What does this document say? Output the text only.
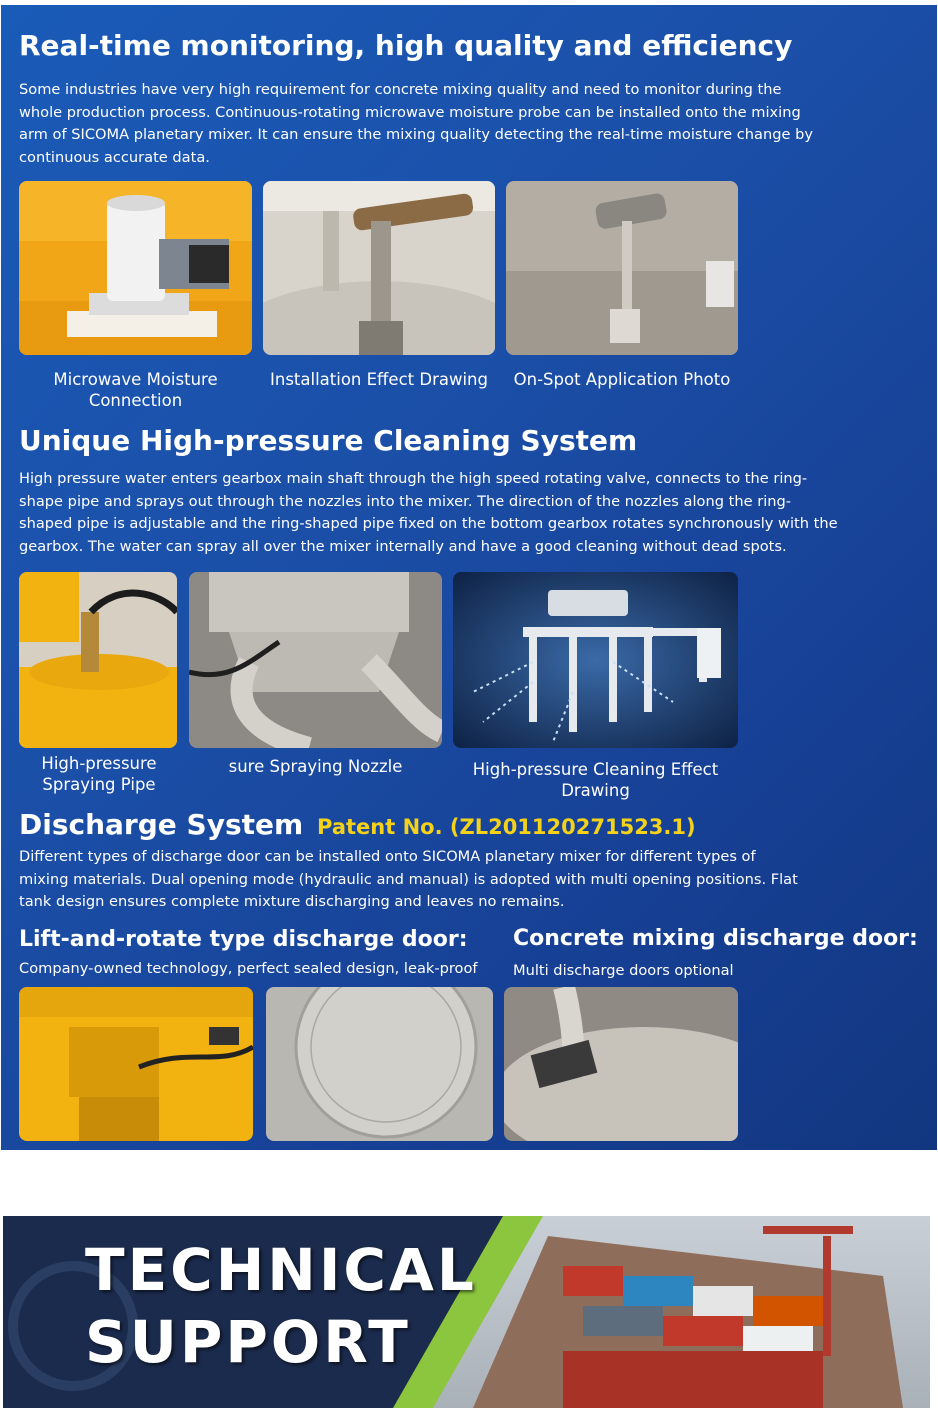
Real-time monitoring, high quality and efficiency
Some industries have very high requirement for concrete mixing quality and need to monitor during the whole production process. Continuous-rotating microwave moisture probe can be installed onto the mixing arm of SICOMA planetary mixer. It can ensure the mixing quality detecting the real-time moisture change by continuous accurate data.
Microwave Moisture Connection
Installation Effect Drawing	On-Spot Application Photo
Unique High-pressure Cleaning System
High pressure water enters gearbox main shaft through the high speed rotating valve, connects to the ring-shape pipe and sprays out through the nozzles into the mixer. The direction of the nozzles along the ring-shaped pipe is adjustable and the ring-shaped pipe fixed on the bottom gearbox rotates synchronously with the gearbox. The water can spray all over the mixer internally and have a good cleaning without dead spots.
High-pressure Spraying Pipe
sure Spraying Nozzle	High-pressure Cleaning Effect Drawing
Discharge System Patent No. (ZL201120271523.1)
Different types of discharge door can be installed onto SICOMA planetary mixer for different types of mixing materials. Dual opening mode (hydraulic and manual) is adopted with multi opening positions. Flat tank design ensures complete mixture discharging and leaves no remains.
Lift-and-rotate type discharge door:
Company-owned technology, perfect sealed design, leak-proof
Concrete mixing discharge door:
Multi discharge doors optional
TECHNICAL
SUPPORT
